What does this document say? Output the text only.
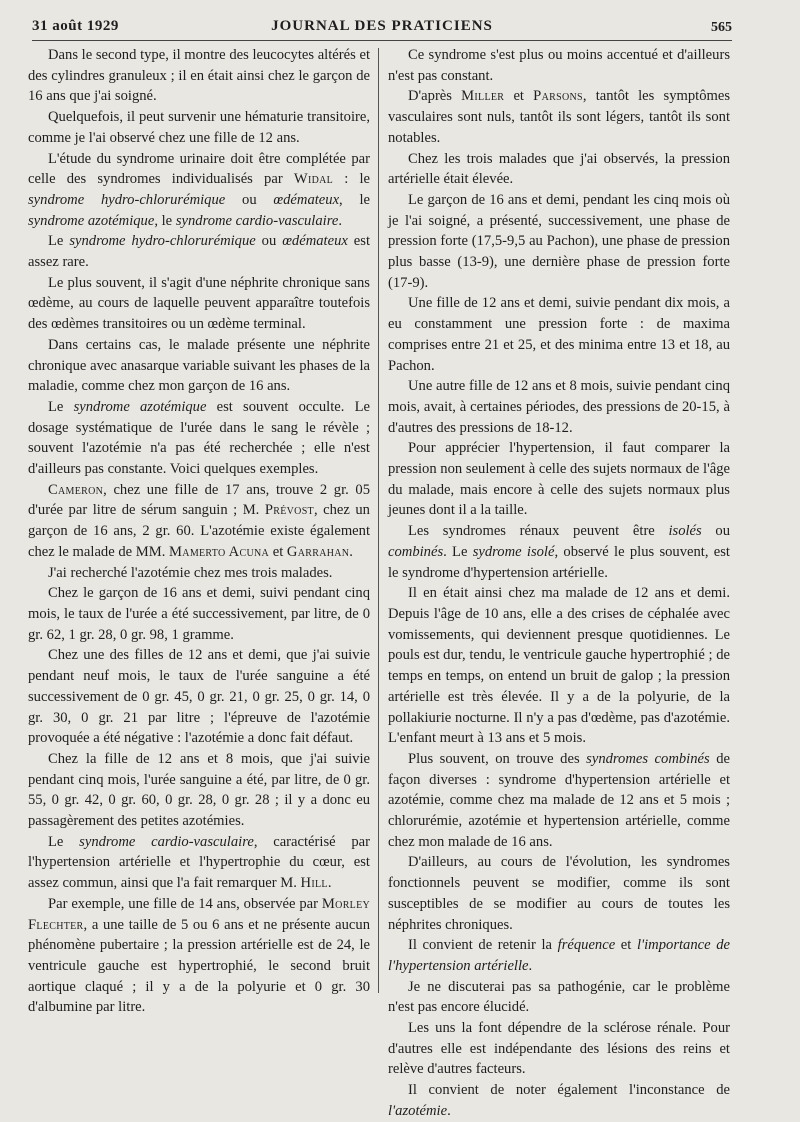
31 août 1929	JOURNAL DES PRATICIENS	565

Dans le second type, il montre des leucocytes altérés et des cylindres granuleux ; il en était ainsi chez le garçon de 16 ans que j'ai soigné.

Quelquefois, il peut survenir une hématurie transitoire, comme je l'ai observé chez une fille de 12 ans.

L'étude du syndrome urinaire doit être complétée par celle des syndromes individualisés par Widal : le syndrome hydro-chlorurémique ou œdémateux, le syndrome azotémique, le syndrome cardio-vasculaire.

Le syndrome hydro-chlorurémique ou œdémateux est assez rare.

Le plus souvent, il s'agit d'une néphrite chronique sans œdème, au cours de laquelle peuvent apparaître toutefois des œdèmes transitoires ou un œdème terminal.

Dans certains cas, le malade présente une néphrite chronique avec anasarque variable suivant les phases de la maladie, comme chez mon garçon de 16 ans.

Le syndrome azotémique est souvent occulte. Le dosage systématique de l'urée dans le sang le révèle ; souvent l'azotémie n'a pas été recherchée ; elle n'est d'ailleurs pas constante. Voici quelques exemples.

Cameron, chez une fille de 17 ans, trouve 2 gr. 05 d'urée par litre de sérum sanguin ; M. Prévost, chez un garçon de 16 ans, 2 gr. 60. L'azotémie existe également chez le malade de MM. Mamerto Acuna et Garrahan.

J'ai recherché l'azotémie chez mes trois malades.

Chez le garçon de 16 ans et demi, suivi pendant cinq mois, le taux de l'urée a été successivement, par litre, de 0 gr. 62, 1 gr. 28, 0 gr. 98, 1 gramme.

Chez une des filles de 12 ans et demi, que j'ai suivie pendant neuf mois, le taux de l'urée sanguine a été successivement de 0 gr. 45, 0 gr. 21, 0 gr. 25, 0 gr. 14, 0 gr. 30, 0 gr. 21 par litre ; l'épreuve de l'azotémie provoquée a été négative : l'azotémie a donc fait défaut.

Chez la fille de 12 ans et 8 mois, que j'ai suivie pendant cinq mois, l'urée sanguine a été, par litre, de 0 gr. 55, 0 gr. 42, 0 gr. 60, 0 gr. 28, 0 gr. 28 ; il y a donc eu passagèrement des petites azotémies.

Le syndrome cardio-vasculaire, caractérisé par l'hypertension artérielle et l'hypertrophie du cœur, est assez commun, ainsi que l'a fait remarquer M. Hill.

Par exemple, une fille de 14 ans, observée par Morley Flechter, a une taille de 5 ou 6 ans et ne présente aucun phénomène pubertaire ; la pression artérielle est de 24, le ventricule gauche est hypertrophié, le second bruit aortique claqué ; il y a de la polyurie et 0 gr. 30 d'albumine par litre.

Ce syndrome s'est plus ou moins accentué et d'ailleurs n'est pas constant.

D'après Miller et Parsons, tantôt les symptômes vasculaires sont nuls, tantôt ils sont légers, tantôt ils sont notables.

Chez les trois malades que j'ai observés, la pression artérielle était élevée.

Le garçon de 16 ans et demi, pendant les cinq mois où je l'ai soigné, a présenté, successivement, une phase de pression forte (17,5-9,5 au Pachon), une phase de pression plus basse (13-9), une dernière phase de pression forte (17-9).

Une fille de 12 ans et demi, suivie pendant dix mois, a eu constamment une pression forte : de maxima comprises entre 21 et 25, et des minima entre 13 et 18, au Pachon.

Une autre fille de 12 ans et 8 mois, suivie pendant cinq mois, avait, à certaines périodes, des pressions de 20-15, à d'autres des pressions de 18-12.

Pour apprécier l'hypertension, il faut comparer la pression non seulement à celle des sujets normaux de l'âge du malade, mais encore à celle des sujets normaux plus jeunes dont il a la taille.

Les syndromes rénaux peuvent être isolés ou combinés. Le sydrome isolé, observé le plus souvent, est le syndrome d'hypertension artérielle.

Il en était ainsi chez ma malade de 12 ans et demi. Depuis l'âge de 10 ans, elle a des crises de céphalée avec vomissements, qui deviennent presque quotidiennes. Le pouls est dur, tendu, le ventricule gauche hypertrophié ; de temps en temps, on entend un bruit de galop ; la pression artérielle est très élevée. Il y a de la polyurie, de la pollakiurie nocturne. Il n'y a pas d'œdème, pas d'azotémie. L'enfant meurt à 13 ans et 5 mois.

Plus souvent, on trouve des syndromes combinés de façon diverses : syndrome d'hypertension artérielle et azotémie, comme chez ma malade de 12 ans et 5 mois ; chlorurémie, azotémie et hypertension artérielle, comme chez mon malade de 16 ans.

D'ailleurs, au cours de l'évolution, les syndromes fonctionnels peuvent se modifier, comme ils sont susceptibles de se modifier au cours de toutes les néphrites chroniques.

Il convient de retenir la fréquence et l'importance de l'hypertension artérielle.

Je ne discuterai pas sa pathogénie, car le problème n'est pas encore élucidé.

Les uns la font dépendre de la sclérose rénale. Pour d'autres elle est indépendante des lésions des reins et relève d'autres facteurs.

Il convient de noter également l'inconstance de l'azotémie.
